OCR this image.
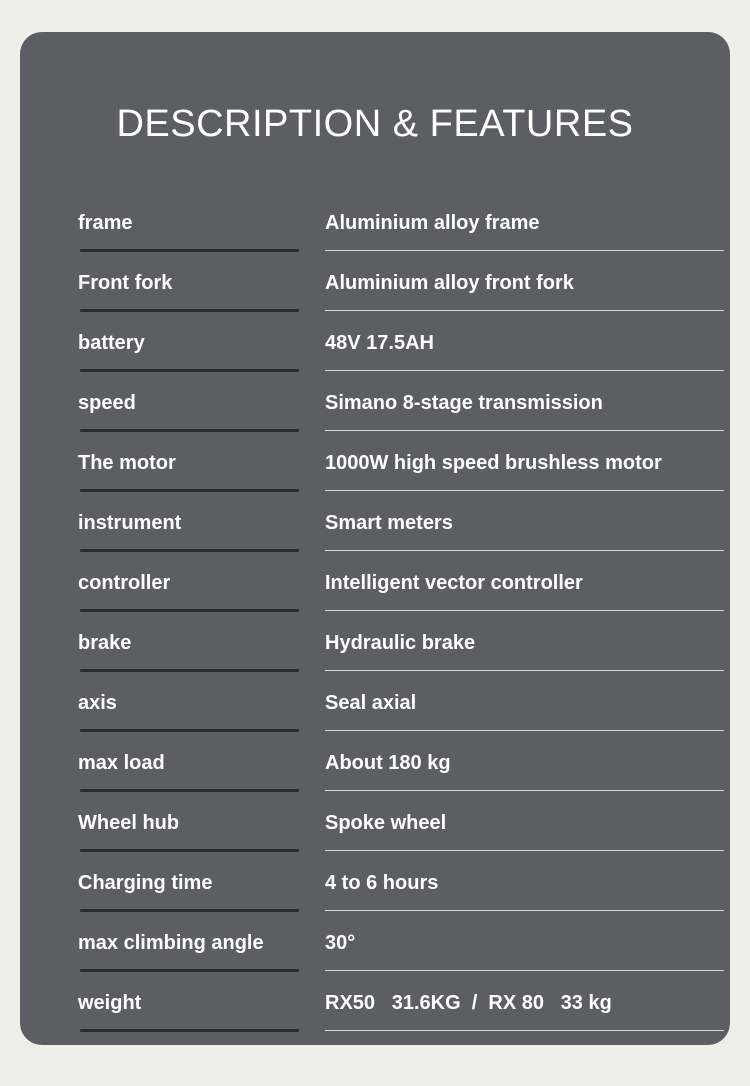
DESCRIPTION & FEATURES
frame	Aluminium alloy frame
Front fork	Aluminium alloy front fork
battery	48V 17.5AH
speed	Simano 8-stage transmission
The motor	1000W high speed brushless motor
instrument	Smart meters
controller	Intelligent vector controller
brake	Hydraulic brake
axis	Seal axial
max load	About 180 kg
Wheel hub	Spoke wheel
Charging time	4 to 6 hours
max climbing angle	30°
weight	RX50   31.6KG  /  RX 80   33 kg
